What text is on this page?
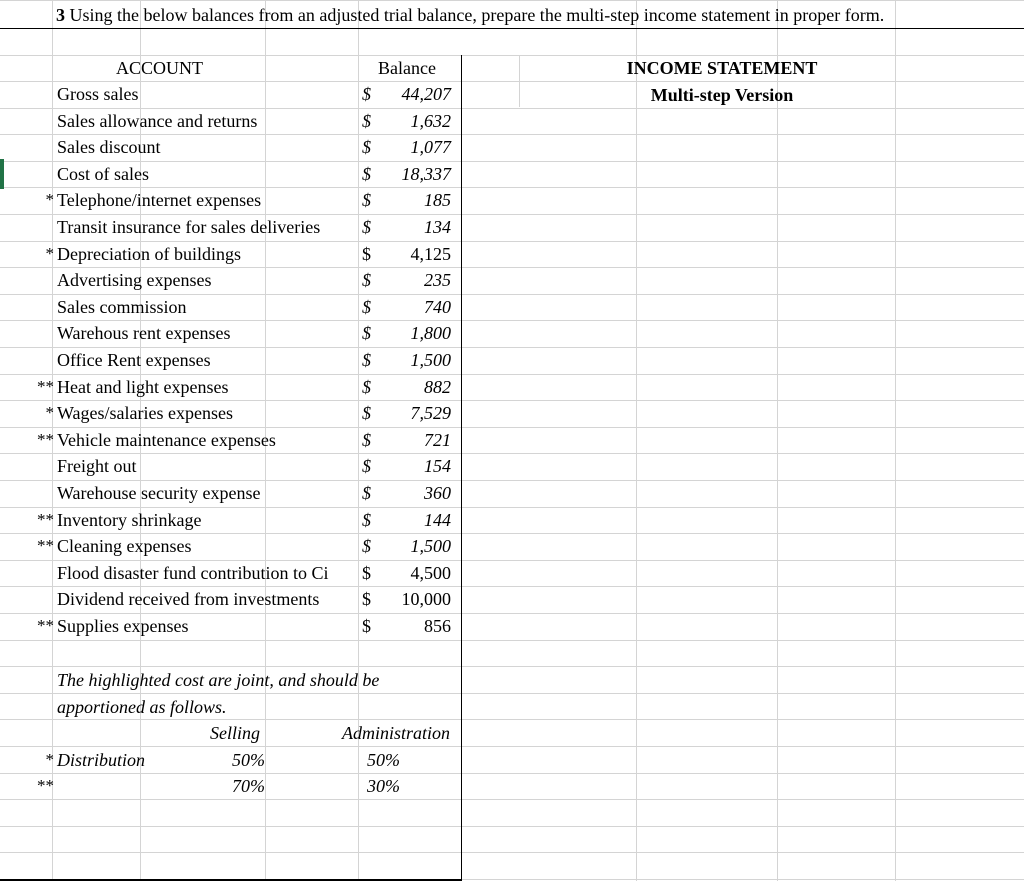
3 Using the below balances from an adjusted trial balance, prepare the multi-step income statement in proper form.
ACCOUNT	Balance	INCOME STATEMENT
Multi-step Version
Gross sales	$	44,207
Sales allowance and returns	$	1,632
Sales discount	$	1,077
Cost of sales	$	18,337
* Telephone/internet expenses	$	185
Transit insurance for sales deliveries $	134
* Depreciation of buildings	$	4,125
Advertising expenses	$	235
Sales commission	$	740
Warehous rent expenses	$	1,800
Office Rent expenses	$	1,500
** Heat and light expenses	$	882
* Wages/salaries expenses	$	7,529
** Vehicle maintenance expenses	$	721
Freight out	$	154
Warehouse security expense	$	360
** Inventory shrinkage	$	144
** Cleaning expenses	$	1,500
Flood disaster fund contribution to Ci $	4,500
Dividend received from investments $	10,000
** Supplies expenses	$	856
The highlighted cost are joint, and should be
apportioned as follows.
Selling	Administration
* Distribution	50%	50%
**	70%	30%
